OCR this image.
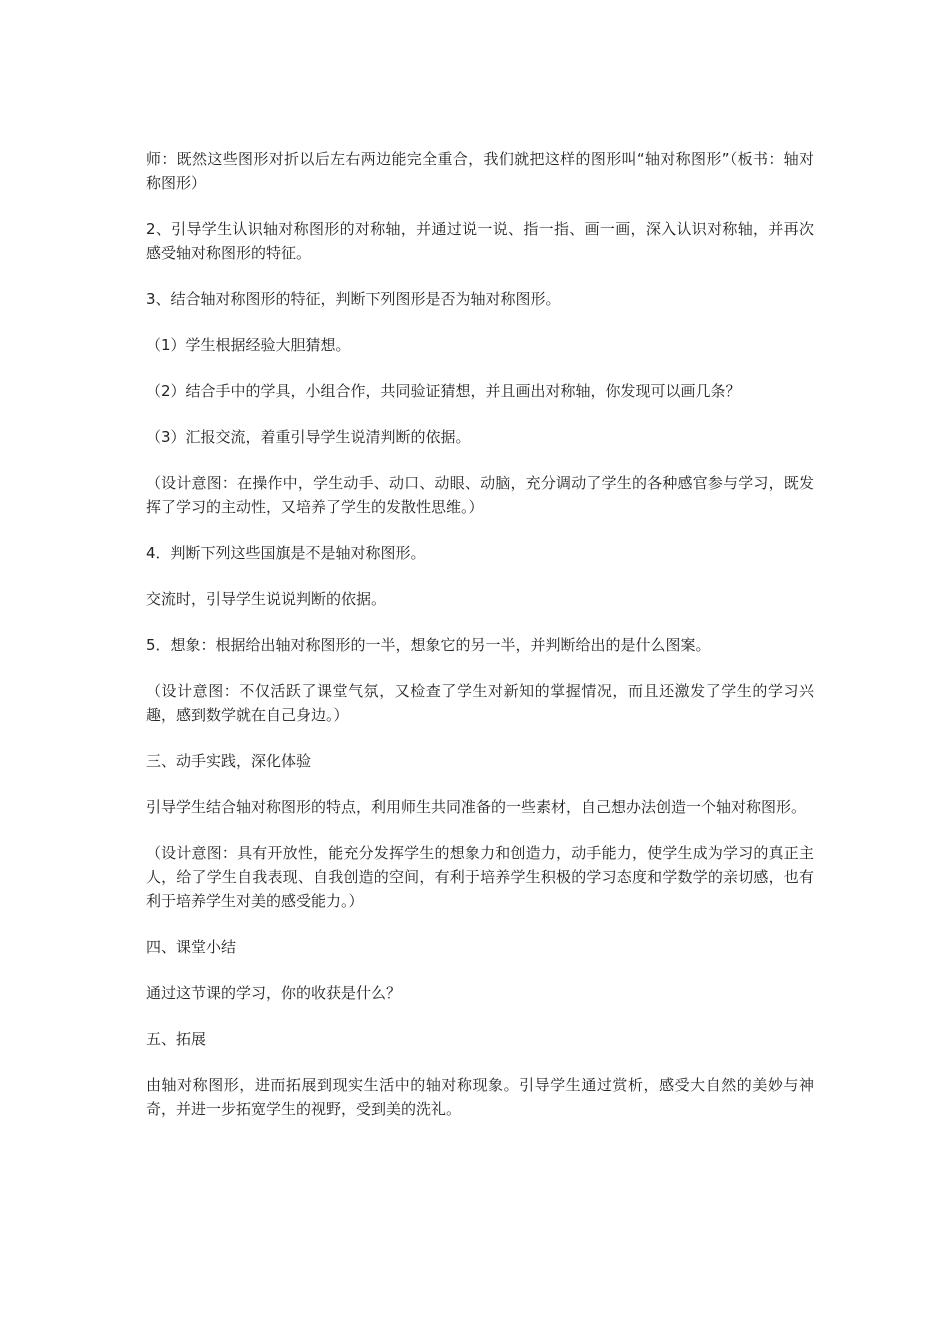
师：既然这些图形对折以后左右两边能完全重合，我们就把这样的图形叫“轴对称图形”（板书：轴对称图形）

2、引导学生认识轴对称图形的对称轴，并通过说一说、指一指、画一画，深入认识对称轴，并再次感受轴对称图形的特征。

3、结合轴对称图形的特征，判断下列图形是否为轴对称图形。

（1）学生根据经验大胆猜想。

（2）结合手中的学具，小组合作，共同验证猜想，并且画出对称轴，你发现可以画几条？

（3）汇报交流，着重引导学生说清判断的依据。

（设计意图：在操作中，学生动手、动口、动眼、动脑，充分调动了学生的各种感官参与学习，既发挥了学习的主动性，又培养了学生的发散性思维。）

4．判断下列这些国旗是不是轴对称图形。

交流时，引导学生说说判断的依据。

5．想象：根据给出轴对称图形的一半，想象它的另一半，并判断给出的是什么图案。

（设计意图：不仅活跃了课堂气氛，又检查了学生对新知的掌握情况，而且还激发了学生的学习兴趣，感到数学就在自己身边。）

三、动手实践，深化体验

引导学生结合轴对称图形的特点，利用师生共同准备的一些素材，自己想办法创造一个轴对称图形。

（设计意图：具有开放性，能充分发挥学生的想象力和创造力，动手能力，使学生成为学习的真正主人，给了学生自我表现、自我创造的空间，有利于培养学生积极的学习态度和学数学的亲切感，也有利于培养学生对美的感受能力。）

四、课堂小结

通过这节课的学习，你的收获是什么？

五、拓展

由轴对称图形，进而拓展到现实生活中的轴对称现象。引导学生通过赏析，感受大自然的美妙与神奇，并进一步拓宽学生的视野，受到美的洗礼。
